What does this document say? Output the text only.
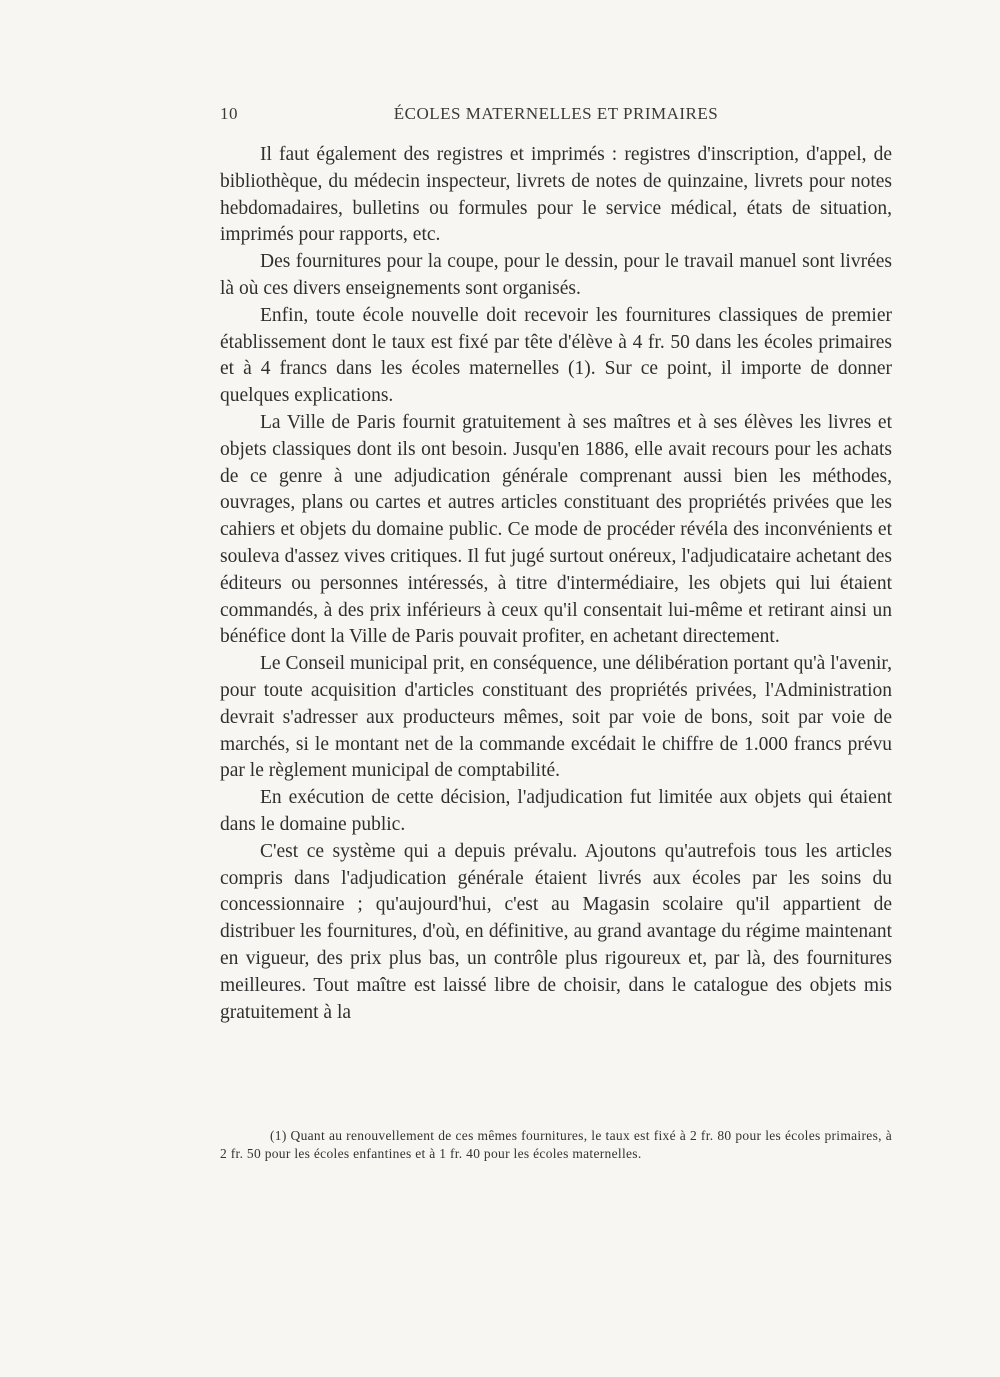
10	ÉCOLES MATERNELLES ET PRIMAIRES

Il faut également des registres et imprimés : registres d'inscription, d'appel, de bibliothèque, du médecin inspecteur, livrets de notes de quinzaine, livrets pour notes hebdomadaires, bulletins ou formules pour le service médical, états de situation, imprimés pour rapports, etc.

Des fournitures pour la coupe, pour le dessin, pour le travail manuel sont livrées là où ces divers enseignements sont organisés.

Enfin, toute école nouvelle doit recevoir les fournitures classiques de premier établissement dont le taux est fixé par tête d'élève à 4 fr. 50 dans les écoles primaires et à 4 francs dans les écoles maternelles (1). Sur ce point, il importe de donner quelques explications.

La Ville de Paris fournit gratuitement à ses maîtres et à ses élèves les livres et objets classiques dont ils ont besoin. Jusqu'en 1886, elle avait recours pour les achats de ce genre à une adjudication générale comprenant aussi bien les méthodes, ouvrages, plans ou cartes et autres articles constituant des propriétés privées que les cahiers et objets du domaine public. Ce mode de procéder révéla des inconvénients et souleva d'assez vives critiques. Il fut jugé surtout onéreux, l'adjudicataire achetant des éditeurs ou personnes intéressés, à titre d'intermédiaire, les objets qui lui étaient commandés, à des prix inférieurs à ceux qu'il consentait lui-même et retirant ainsi un bénéfice dont la Ville de Paris pouvait profiter, en achetant directement.

Le Conseil municipal prit, en conséquence, une délibération portant qu'à l'avenir, pour toute acquisition d'articles constituant des propriétés privées, l'Administration devrait s'adresser aux producteurs mêmes, soit par voie de bons, soit par voie de marchés, si le montant net de la commande excédait le chiffre de 1.000 francs prévu par le règlement municipal de comptabilité.

En exécution de cette décision, l'adjudication fut limitée aux objets qui étaient dans le domaine public.

C'est ce système qui a depuis prévalu. Ajoutons qu'autrefois tous les articles compris dans l'adjudication générale étaient livrés aux écoles par les soins du concessionnaire ; qu'aujourd'hui, c'est au Magasin scolaire qu'il appartient de distribuer les fournitures, d'où, en définitive, au grand avantage du régime maintenant en vigueur, des prix plus bas, un contrôle plus rigoureux et, par là, des fournitures meilleures. Tout maître est laissé libre de choisir, dans le catalogue des objets mis gratuitement à la

(1) Quant au renouvellement de ces mêmes fournitures, le taux est fixé à 2 fr. 80 pour les écoles primaires, à 2 fr. 50 pour les écoles enfantines et à 1 fr. 40 pour les écoles maternelles.
